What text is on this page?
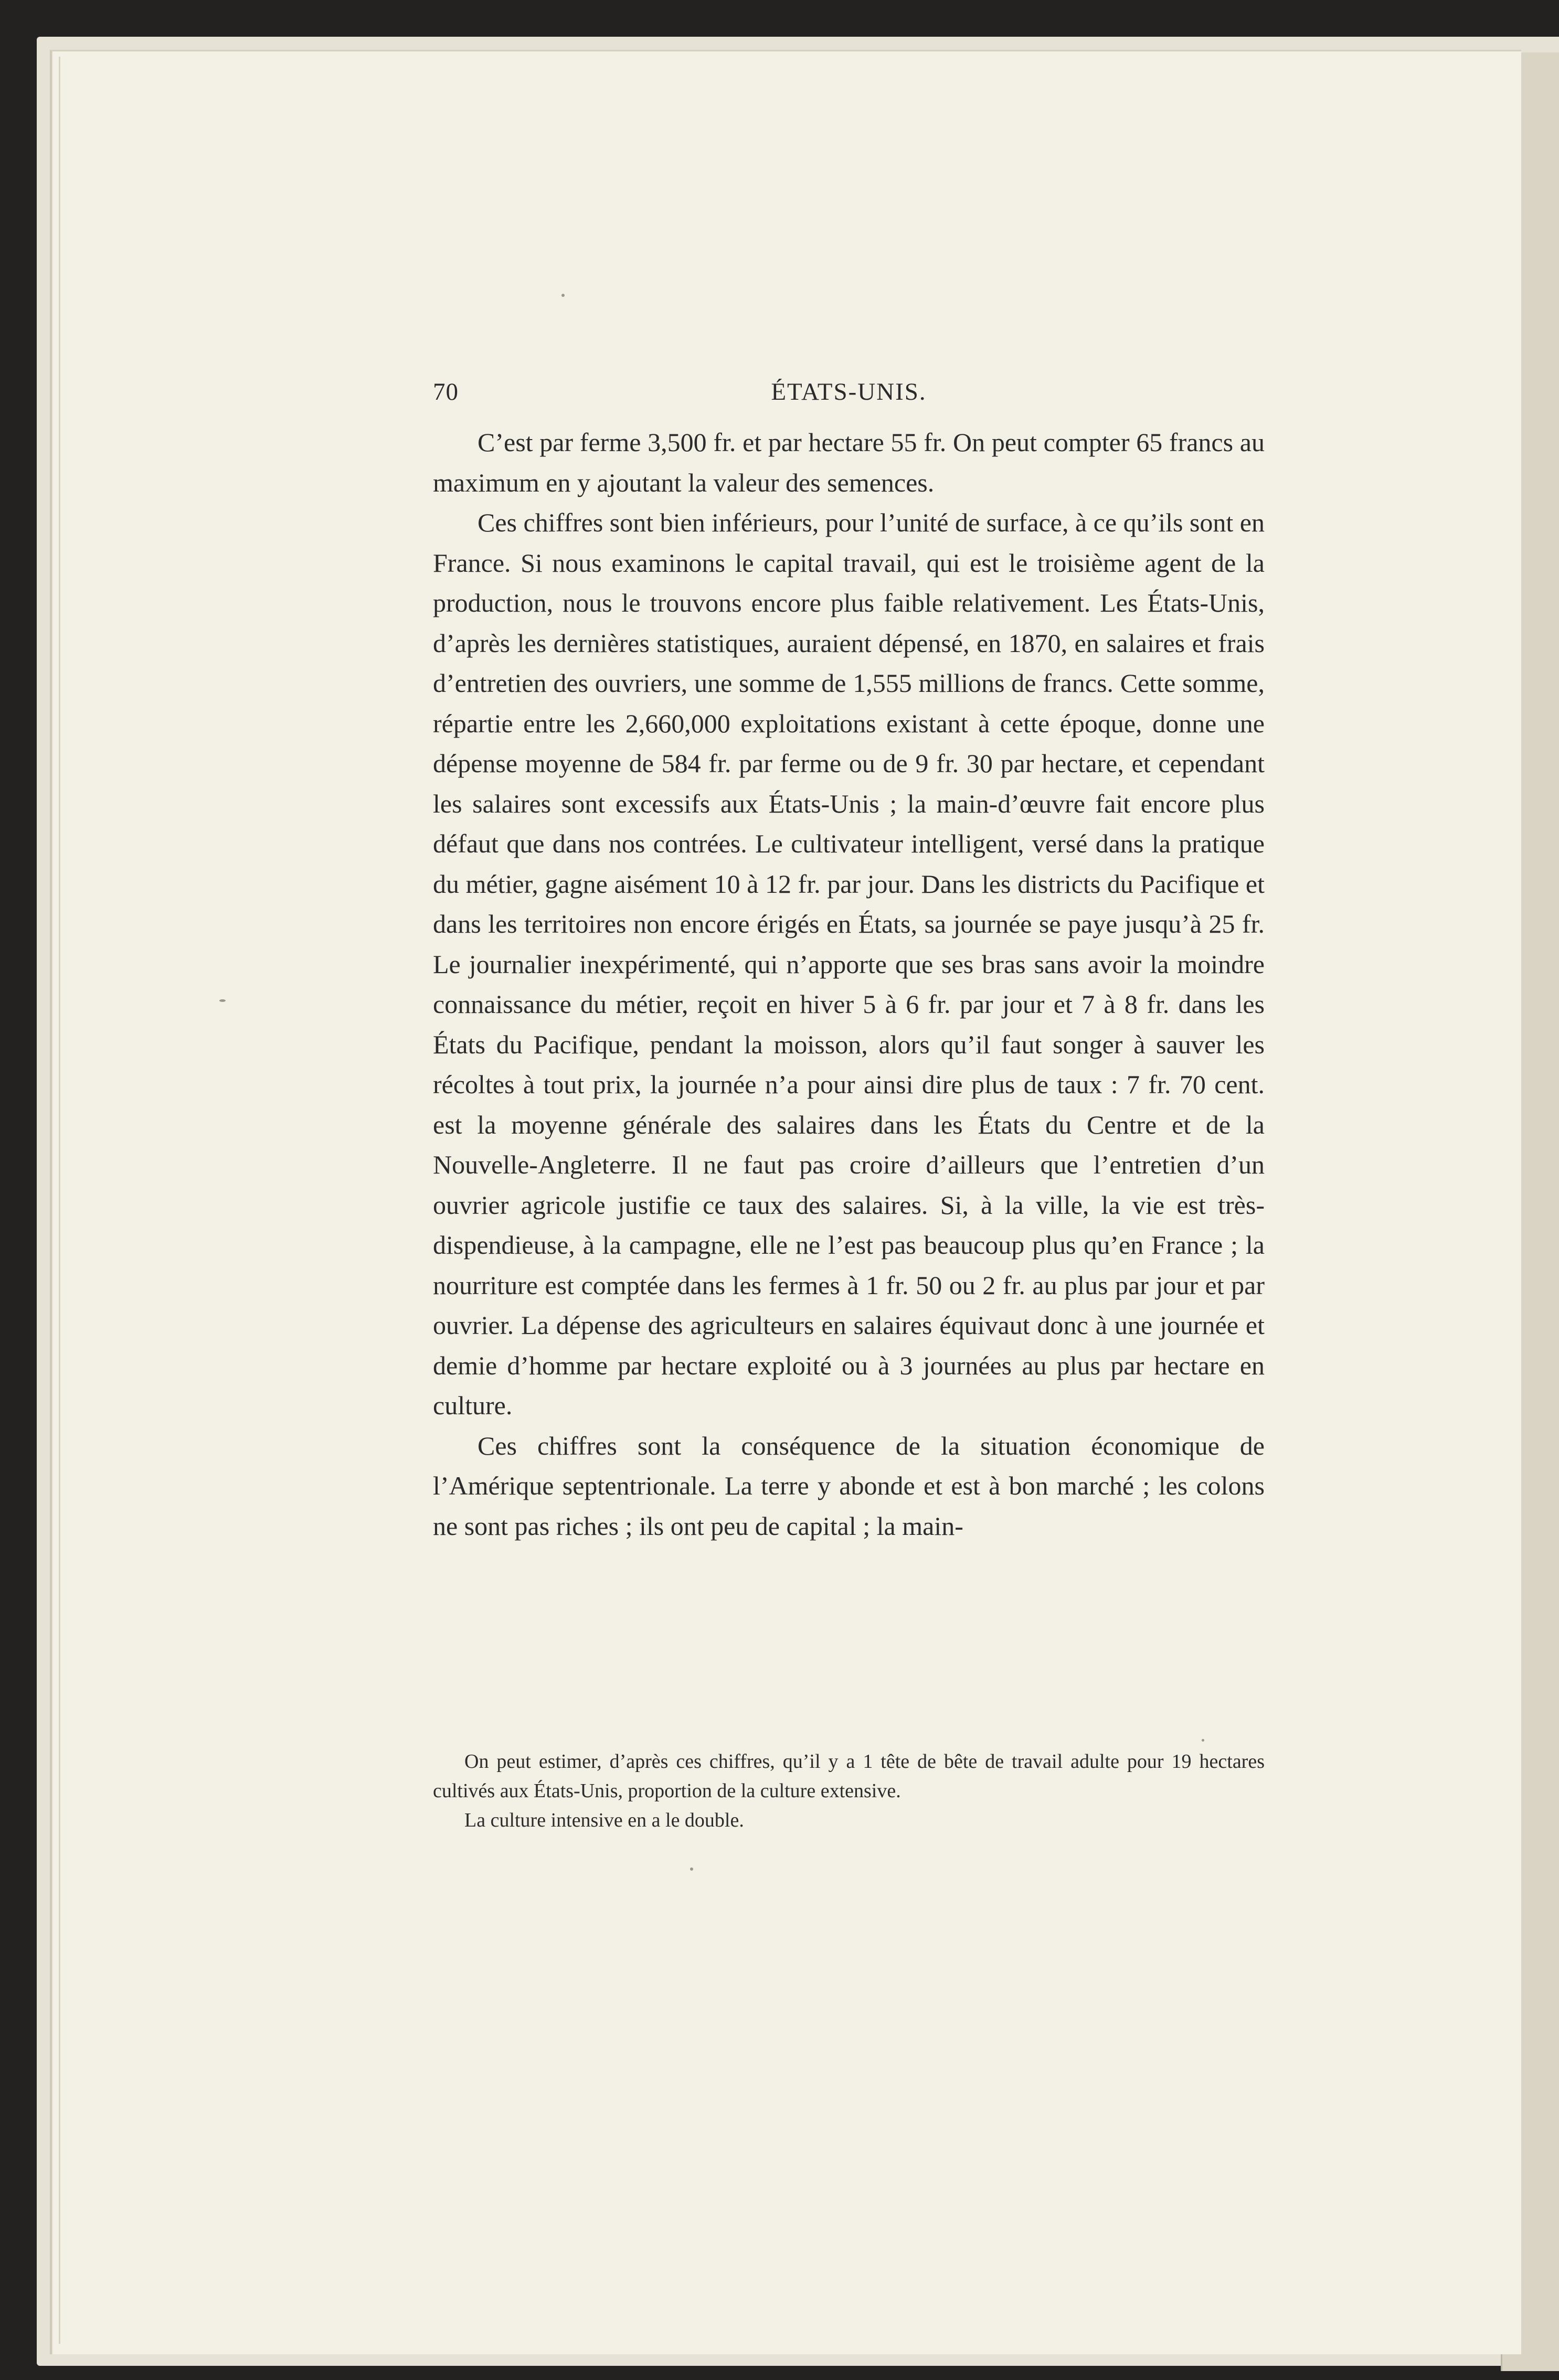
70	ÉTATS-UNIS.

C’est par ferme 3,500 fr. et par hectare 55 fr. On peut compter 65 francs au maximum en y ajoutant la valeur des semences.

Ces chiffres sont bien inférieurs, pour l’unité de surface, à ce qu’ils sont en France. Si nous examinons le capital travail, qui est le troisième agent de la production, nous le trouvons encore plus faible relativement. Les États-Unis, d’après les dernières statistiques, auraient dépensé, en 1870, en salaires et frais d’entretien des ouvriers, une somme de 1,555 millions de francs. Cette somme, répartie entre les 2,660,000 exploitations existant à cette époque, donne une dépense moyenne de 584 fr. par ferme ou de 9 fr. 30 par hectare, et cependant les salaires sont excessifs aux États-Unis ; la main-d’œuvre fait encore plus défaut que dans nos contrées. Le cultivateur intelligent, versé dans la pratique du métier, gagne aisément 10 à 12 fr. par jour. Dans les districts du Pacifique et dans les territoires non encore érigés en États, sa journée se paye jusqu’à 25 fr. Le journalier inexpérimenté, qui n’apporte que ses bras sans avoir la moindre connaissance du métier, reçoit en hiver 5 à 6 fr. par jour et 7 à 8 fr. dans les États du Pacifique, pendant la moisson, alors qu’il faut songer à sauver les récoltes à tout prix, la journée n’a pour ainsi dire plus de taux : 7 fr. 70 cent. est la moyenne générale des salaires dans les États du Centre et de la Nouvelle-Angleterre. Il ne faut pas croire d’ailleurs que l’entretien d’un ouvrier agricole justifie ce taux des salaires. Si, à la ville, la vie est très-dispendieuse, à la campagne, elle ne l’est pas beaucoup plus qu’en France ; la nourriture est comptée dans les fermes à 1 fr. 50 ou 2 fr. au plus par jour et par ouvrier. La dépense des agriculteurs en salaires équivaut donc à une journée et demie d’homme par hectare exploité ou à 3 journées au plus par hectare en culture.

Ces chiffres sont la conséquence de la situation économique de l’Amérique septentrionale. La terre y abonde et est à bon marché ; les colons ne sont pas riches ; ils ont peu de capital ; la main-

On peut estimer, d’après ces chiffres, qu’il y a 1 tête de bête de travail adulte pour 19 hectares cultivés aux États-Unis, proportion de la culture extensive.

La culture intensive en a le double.
